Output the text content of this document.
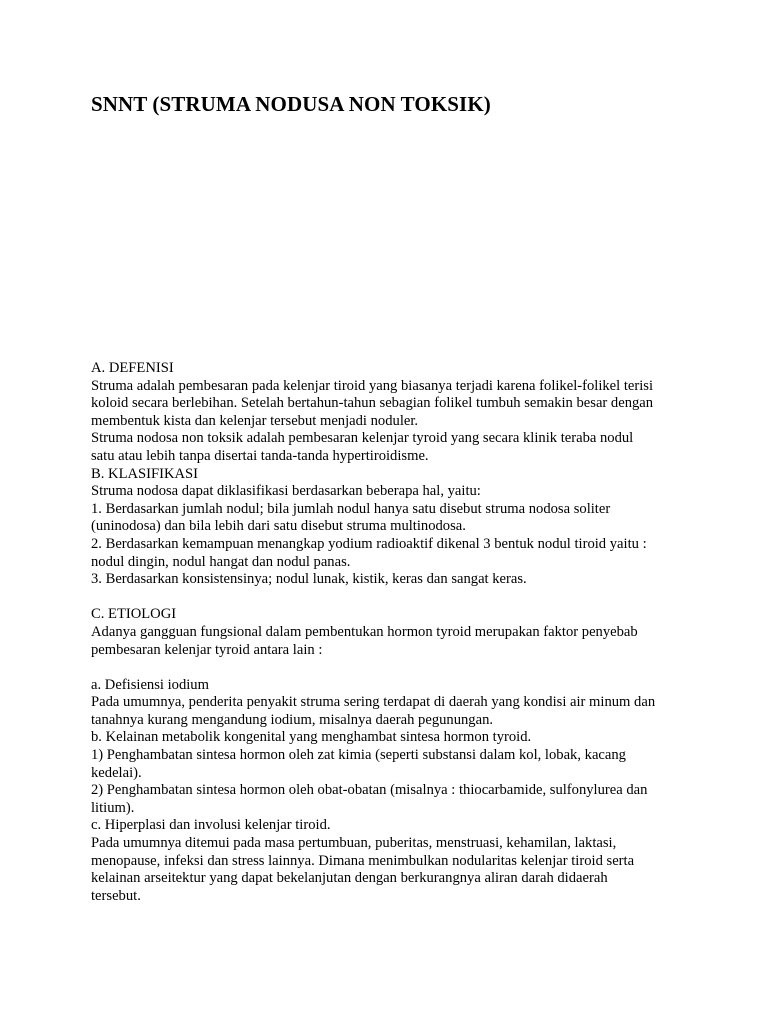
SNNT (STRUMA NODUSA NON TOKSIK)

A. DEFENISI

Struma adalah pembesaran pada kelenjar tiroid yang biasanya terjadi karena folikel-folikel terisi

koloid secara berlebihan. Setelah bertahun-tahun sebagian folikel tumbuh semakin besar dengan

membentuk kista dan kelenjar tersebut menjadi noduler.

Struma nodosa non toksik adalah pembesaran kelenjar tyroid yang secara klinik teraba nodul

satu atau lebih tanpa disertai tanda-tanda hypertiroidisme.

B. KLASIFIKASI

Struma nodosa dapat diklasifikasi berdasarkan beberapa hal, yaitu:

1. Berdasarkan jumlah nodul; bila jumlah nodul hanya satu disebut struma nodosa soliter

(uninodosa) dan bila lebih dari satu disebut struma multinodosa.

2. Berdasarkan kemampuan menangkap yodium radioaktif dikenal 3 bentuk nodul tiroid yaitu :

nodul dingin, nodul hangat dan nodul panas.

3. Berdasarkan konsistensinya; nodul lunak, kistik, keras dan sangat keras.

C. ETIOLOGI

Adanya gangguan fungsional dalam pembentukan hormon tyroid merupakan faktor penyebab

pembesaran kelenjar tyroid antara lain :

a. Defisiensi iodium

Pada umumnya, penderita penyakit struma sering terdapat di daerah yang kondisi air minum dan

tanahnya kurang mengandung iodium, misalnya daerah pegunungan.

b. Kelainan metabolik kongenital yang menghambat sintesa hormon tyroid.

1) Penghambatan sintesa hormon oleh zat kimia (seperti substansi dalam kol, lobak, kacang

kedelai).

2) Penghambatan sintesa hormon oleh obat-obatan (misalnya : thiocarbamide, sulfonylurea dan

litium).

c. Hiperplasi dan involusi kelenjar tiroid.

Pada umumnya ditemui pada masa pertumbuan, puberitas, menstruasi, kehamilan, laktasi,

menopause, infeksi dan stress lainnya. Dimana menimbulkan nodularitas kelenjar tiroid serta

kelainan arseitektur yang dapat bekelanjutan dengan berkurangnya aliran darah didaerah

tersebut.
